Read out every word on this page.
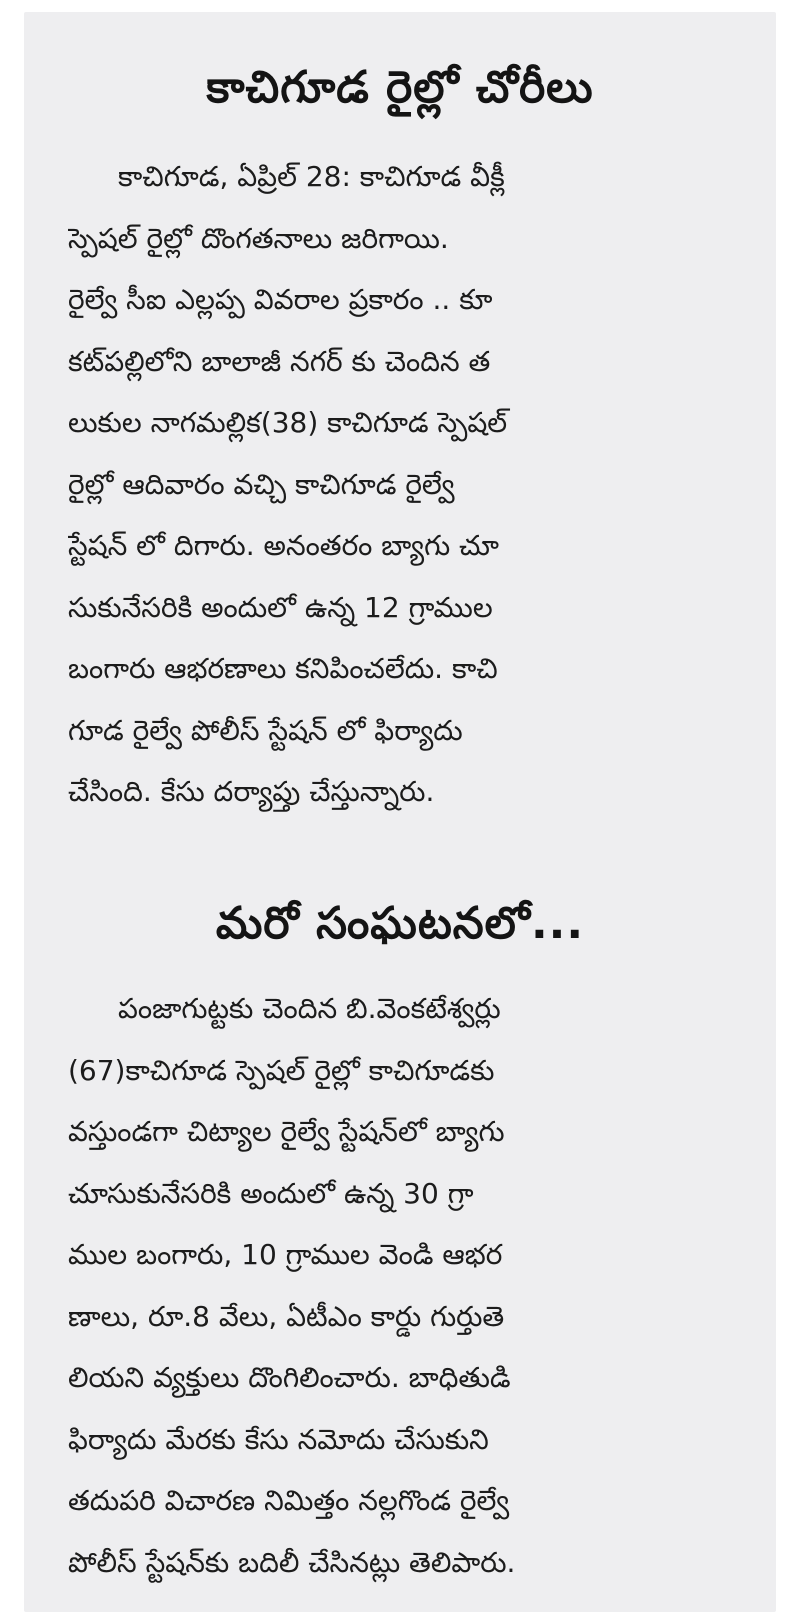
కాచిగూడ రైల్లో చోరీలు
కాచిగూడ, ఏప్రిల్ 28: కాచిగూడ వీక్లీ
స్పెషల్ రైల్లో దొంగతనాలు జరిగాయి.
రైల్వే సీఐ ఎల్లప్ప వివరాల ప్రకారం .. కూ
కట్‌పల్లిలోని బాలాజీ నగర్ కు చెందిన త
లుకుల నాగమల్లిక(38) కాచిగూడ స్పెషల్
రైల్లో ఆదివారం వచ్చి కాచిగూడ రైల్వే
స్టేషన్ లో దిగారు. అనంతరం బ్యాగు చూ
సుకునేసరికి అందులో ఉన్న 12 గ్రాముల
బంగారు ఆభరణాలు కనిపించలేదు. కాచి
గూడ రైల్వే పోలీస్ స్టేషన్ లో ఫిర్యాదు
చేసింది. కేసు దర్యాప్తు చేస్తున్నారు.
మరో సంఘటనలో...
పంజాగుట్టకు చెందిన బి.వెంకటేశ్వర్లు
(67)కాచిగూడ స్పెషల్ రైల్లో కాచిగూడకు
వస్తుండగా చిట్యాల రైల్వే స్టేషన్‌లో బ్యాగు
చూసుకునేసరికి అందులో ఉన్న 30 గ్రా
ముల బంగారు, 10 గ్రాముల వెండి ఆభర
ణాలు, రూ.8 వేలు, ఏటీఎం కార్డు గుర్తుతె
లియని వ్యక్తులు దొంగిలించారు. బాధితుడి
ఫిర్యాదు మేరకు కేసు నమోదు చేసుకుని
తదుపరి విచారణ నిమిత్తం నల్లగొండ రైల్వే
పోలీస్ స్టేషన్‌కు బదిలీ చేసినట్లు తెలిపారు.
